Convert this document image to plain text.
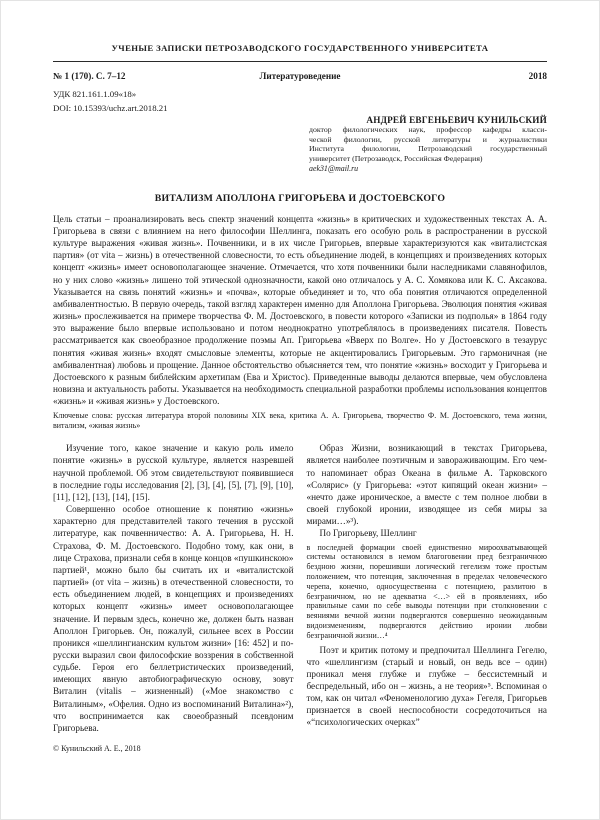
УЧЕНЫЕ ЗАПИСКИ ПЕТРОЗАВОДСКОГО ГОСУДАРСТВЕННОГО УНИВЕРСИТЕТА
№ 1 (170). С. 7–12	Литературоведение	2018
УДК 821.161.1.09«18»
DOI: 10.15393/uchz.art.2018.21
АНДРЕЙ ЕВГЕНЬЕВИЧ КУНИЛЬСКИЙ
доктор филологических наук, профессор кафедры класси-
ческой филологии, русской литературы и журналистики
Института филологии, Петрозаводский государственный
университет (Петрозаводск, Российская Федерация)
aek31@mail.ru
ВИТАЛИЗМ АПОЛЛОНА ГРИГОРЬЕВА И ДОСТОЕВСКОГО
Цель статьи – проанализировать весь спектр значений концепта «жизнь» в критических и художественных текстах А. А. Григорьева в связи с влиянием на него философии Шеллинга, показать его особую роль в распространении в русской культуре выражения «живая жизнь». Почвенники, и в их числе Григорьев, впервые характеризуются как «виталистская партия» (от vita – жизнь) в отечественной словесности, то есть объединение людей, в концепциях и произведениях которых концепт «жизнь» имеет основополагающее значение. Отмечается, что хотя почвенники были наследниками славянофилов, но у них слово «жизнь» лишено той этической однозначности, какой оно отличалось у А. С. Хомякова или К. С. Аксакова. Указывается на связь понятий «жизнь» и «почва», которые объединяет и то, что оба понятия отличаются определенной амбивалентностью. В первую очередь, такой взгляд характерен именно для Аполлона Григорьева. Эволюция понятия «живая жизнь» прослеживается на примере творчества Ф. М. Достоевского, в повести которого «Записки из подполья» в 1864 году это выражение было впервые использовано и потом неоднократно употреблялось в произведениях писателя. Повесть рассматривается как своеобразное продолжение поэмы Ап. Григорьева «Вверх по Волге». Но у Достоевского в тезаурус понятия «живая жизнь» входят смысловые элементы, которые не акцентировались Григорьевым. Это гармоничная (не амбивалентная) любовь и прощение. Данное обстоятельство объясняется тем, что понятие «жизнь» восходит у Григорьева и Достоевского к разным библейским архетипам (Ева и Христос). Приведенные выводы делаются впервые, чем обусловлена новизна и актуальность работы. Указывается на необходимость специальной разработки проблемы использования концептов «жизнь» и «живая жизнь» у Достоевского.
Ключевые слова: русская литература второй половины XIX века, критика А. А. Григорьева, творчество Ф. М. Достоевского, тема жизни, витализм, «живая жизнь»

Изучение того, какое значение и какую роль имело понятие «жизнь» в русской культуре, является назревшей научной проблемой. Об этом свидетельствуют появившиеся в последние годы исследования [2], [3], [4], [5], [7], [9], [10], [11], [12], [13], [14], [15].

Совершенно особое отношение к понятию «жизнь» характерно для представителей такого течения в русской литературе, как почвенничество: А. А. Григорьева, Н. Н. Страхова, Ф. М. Достоевского. Подобно тому, как они, в лице Страхова, признали себя в конце концов «пушкинскою» партией¹, можно было бы считать их и «виталистской партией» (от vita – жизнь) в отечественной словесности, то есть объединением людей, в концепциях и произведениях которых концепт «жизнь» имеет основополагающее значение. И первым здесь, конечно же, должен быть назван Аполлон Григорьев. Он, пожалуй, сильнее всех в России проникся «шеллингианским культом жизни» [16: 452] и по-русски выразил свои философские воззрения в собственной судьбе. Героя его беллетристических произведений, имеющих явную автобиографическую основу, зовут Виталин (vitalis – жизненный) («Мое знакомство с Виталиным», «Офелия. Одно из воспоминаний Виталина»²), что воспринимается как своеобразный псевдоним Григорьева.

© Кунильский А. Е., 2018

Образ Жизни, возникающий в текстах Григорьева, является наиболее поэтичным и завораживающим. Его чем-то напоминает образ Океана в фильме А. Тарковского «Солярис» (у Григорьева: «этот кипящий океан жизни» – «нечто даже ироническое, а вместе с тем полное любви в своей глубокой иронии, изводящее из себя миры за мирами…»³).

По Григорьеву, Шеллинг

в последней формации своей единственно мироохватывающей системы остановился в немом благоговении пред безграничною бездною жизни, порешивши логический гегелизм тоже простым положением, что потенция, заключенная в пределах человеческого черепа, конечно, односущественна с потенциею, разлитою в безграничном, но не адекватна <…> ей в проявлениях, ибо правильные сами по себе выводы потенции при столкновении с веяниями вечной жизни подвергаются совершенно неожиданным видоизменениям, подвергаются действию иронии любви безграничной жизни…⁴

Поэт и критик потому и предпочитал Шеллинга Гегелю, что «шеллингизм (старый и новый, он ведь все – один) проникал меня глубже и глубже – бессистемный и беспредельный, ибо он – жизнь, а не теория»⁵. Вспоминая о том, как он читал «Феноменологию духа» Гегеля, Григорьев признается в своей неспособности сосредоточиться на «“психологических очерках”
